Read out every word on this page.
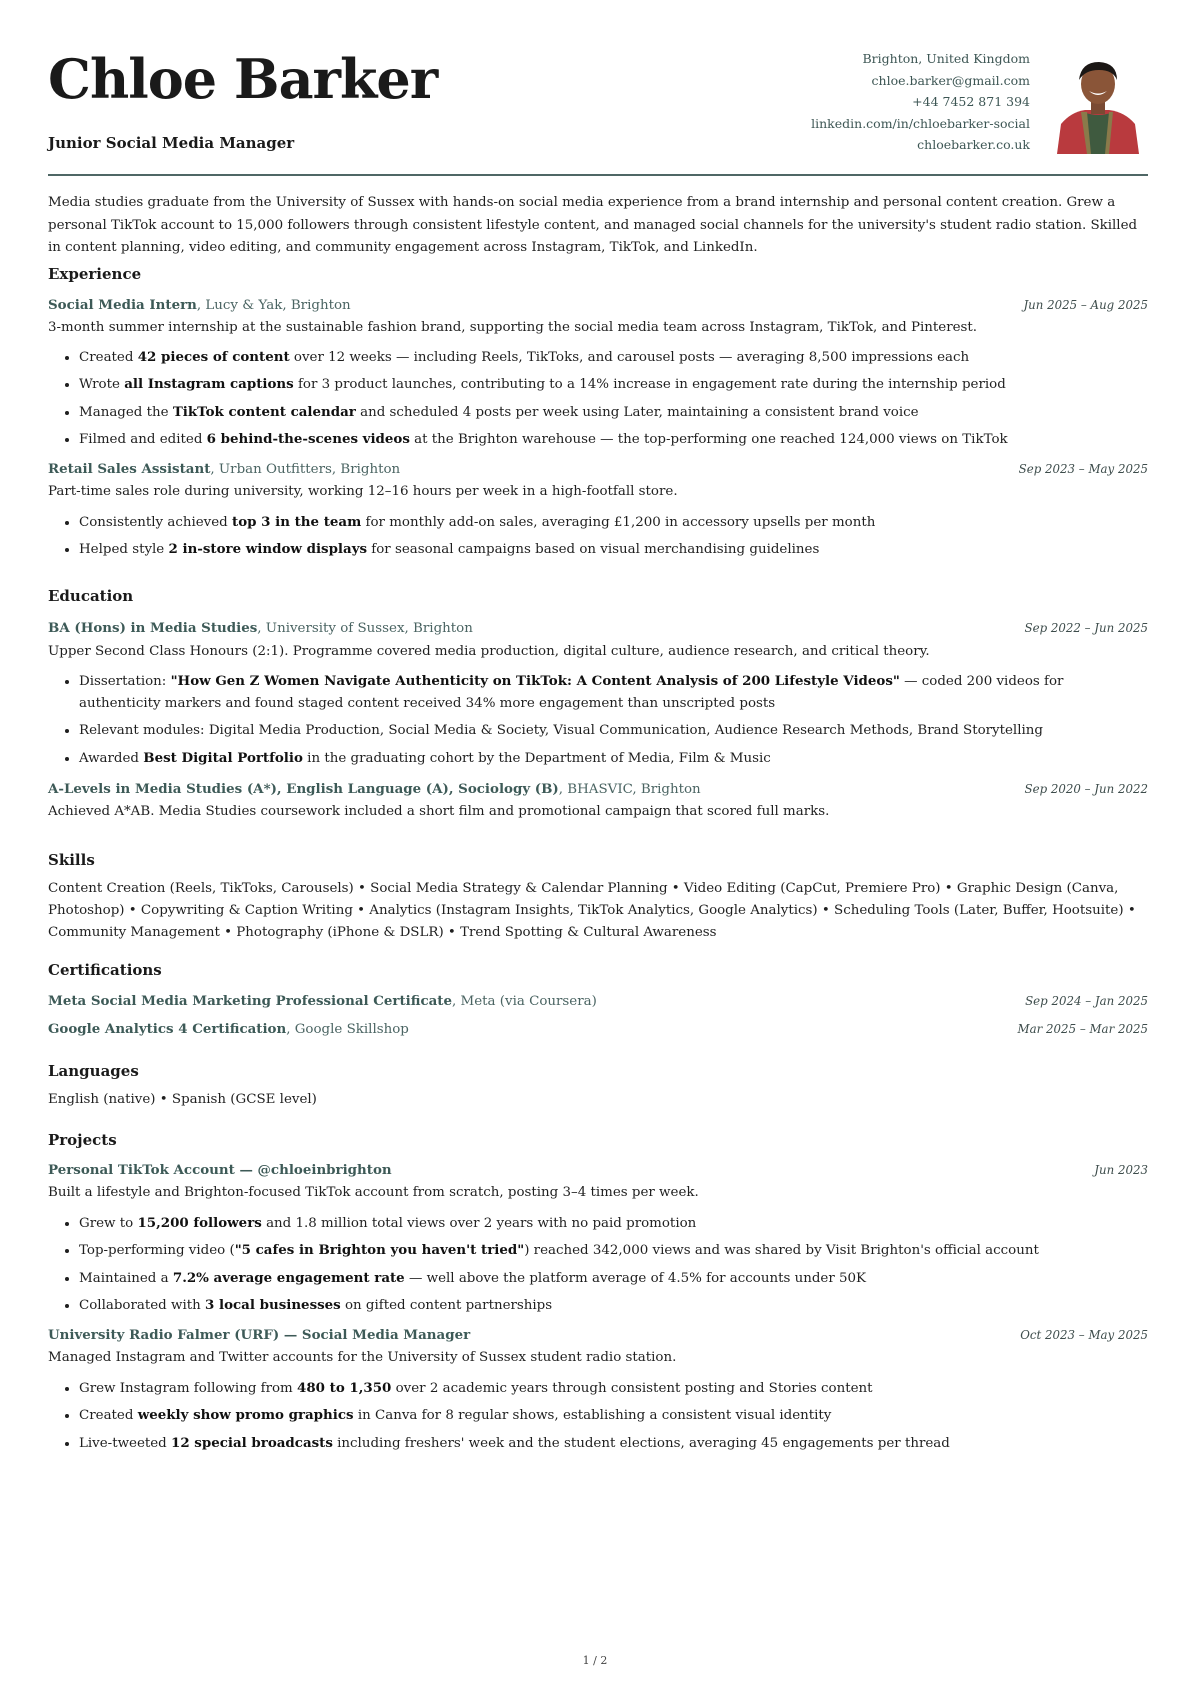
Chloe Barker
Junior Social Media Manager
Brighton, United Kingdom
chloe.barker@gmail.com
+44 7452 871 394
linkedin.com/in/chloebarker-social
chloebarker.co.uk

Media studies graduate from the University of Sussex with hands-on social media experience from a brand internship and personal content creation. Grew a personal TikTok account to 15,000 followers through consistent lifestyle content, and managed social channels for the university's student radio station. Skilled in content planning, video editing, and community engagement across Instagram, TikTok, and LinkedIn.

Experience
Social Media Intern, Lucy & Yak, Brighton	Jun 2025 – Aug 2025
3-month summer internship at the sustainable fashion brand, supporting the social media team across Instagram, TikTok, and Pinterest.
Created 42 pieces of content over 12 weeks — including Reels, TikToks, and carousel posts — averaging 8,500 impressions each
Wrote all Instagram captions for 3 product launches, contributing to a 14% increase in engagement rate during the internship period
Managed the TikTok content calendar and scheduled 4 posts per week using Later, maintaining a consistent brand voice
Filmed and edited 6 behind-the-scenes videos at the Brighton warehouse — the top-performing one reached 124,000 views on TikTok
Retail Sales Assistant, Urban Outfitters, Brighton	Sep 2023 – May 2025
Part-time sales role during university, working 12–16 hours per week in a high-footfall store.
Consistently achieved top 3 in the team for monthly add-on sales, averaging £1,200 in accessory upsells per month
Helped style 2 in-store window displays for seasonal campaigns based on visual merchandising guidelines
Education
BA (Hons) in Media Studies, University of Sussex, Brighton	Sep 2022 – Jun 2025
Upper Second Class Honours (2:1). Programme covered media production, digital culture, audience research, and critical theory.
Dissertation: "How Gen Z Women Navigate Authenticity on TikTok: A Content Analysis of 200 Lifestyle Videos" — coded 200 videos for authenticity markers and found staged content received 34% more engagement than unscripted posts
Relevant modules: Digital Media Production, Social Media & Society, Visual Communication, Audience Research Methods, Brand Storytelling
Awarded Best Digital Portfolio in the graduating cohort by the Department of Media, Film & Music
A-Levels in Media Studies (A*), English Language (A), Sociology (B), BHASVIC, Brighton	Sep 2020 – Jun 2022
Achieved A*AB. Media Studies coursework included a short film and promotional campaign that scored full marks.
Skills
Content Creation (Reels, TikToks, Carousels) • Social Media Strategy & Calendar Planning • Video Editing (CapCut, Premiere Pro) • Graphic Design (Canva, Photoshop) • Copywriting & Caption Writing • Analytics (Instagram Insights, TikTok Analytics, Google Analytics) • Scheduling Tools (Later, Buffer, Hootsuite) • Community Management • Photography (iPhone & DSLR) • Trend Spotting & Cultural Awareness
Certifications
Meta Social Media Marketing Professional Certificate, Meta (via Coursera)	Sep 2024 – Jan 2025
Google Analytics 4 Certification, Google Skillshop	Mar 2025 – Mar 2025
Languages
English (native) • Spanish (GCSE level)
Projects
Personal TikTok Account — @chloeinbrighton	Jun 2023
Built a lifestyle and Brighton-focused TikTok account from scratch, posting 3–4 times per week.
Grew to 15,200 followers and 1.8 million total views over 2 years with no paid promotion
Top-performing video ("5 cafes in Brighton you haven't tried") reached 342,000 views and was shared by Visit Brighton's official account
Maintained a 7.2% average engagement rate — well above the platform average of 4.5% for accounts under 50K
Collaborated with 3 local businesses on gifted content partnerships
University Radio Falmer (URF) — Social Media Manager	Oct 2023 – May 2025
Managed Instagram and Twitter accounts for the University of Sussex student radio station.
Grew Instagram following from 480 to 1,350 over 2 academic years through consistent posting and Stories content
Created weekly show promo graphics in Canva for 8 regular shows, establishing a consistent visual identity
Live-tweeted 12 special broadcasts including freshers' week and the student elections, averaging 45 engagements per thread
1 / 2
